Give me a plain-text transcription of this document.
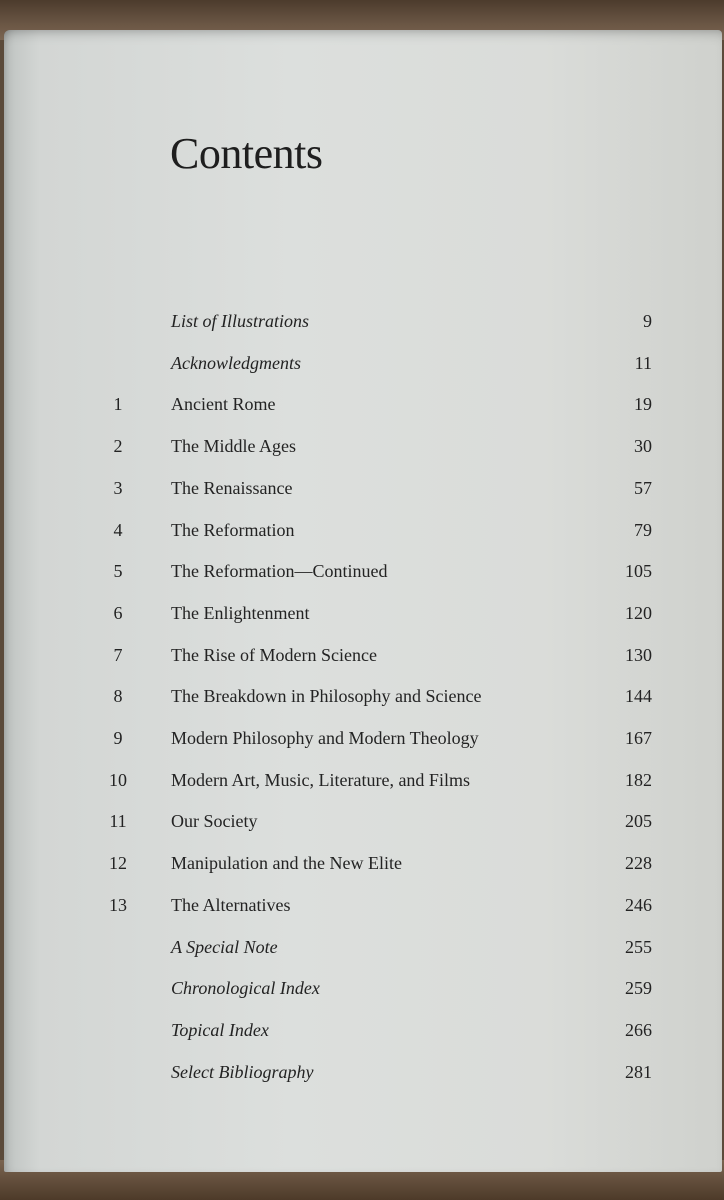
Contents
List of Illustrations	9
Acknowledgments	11
1	Ancient Rome	19
2	The Middle Ages	30
3	The Renaissance	57
4	The Reformation	79
5	The Reformation—Continued	105
6	The Enlightenment	120
7	The Rise of Modern Science	130
8	The Breakdown in Philosophy and Science	144
9	Modern Philosophy and Modern Theology	167
10 Modern Art, Music, Literature, and Films	182
11 Our Society	205
12 Manipulation and the New Elite	228
13 The Alternatives	246
A Special Note	255
Chronological Index	259
Topical Index	266
Select Bibliography	281
